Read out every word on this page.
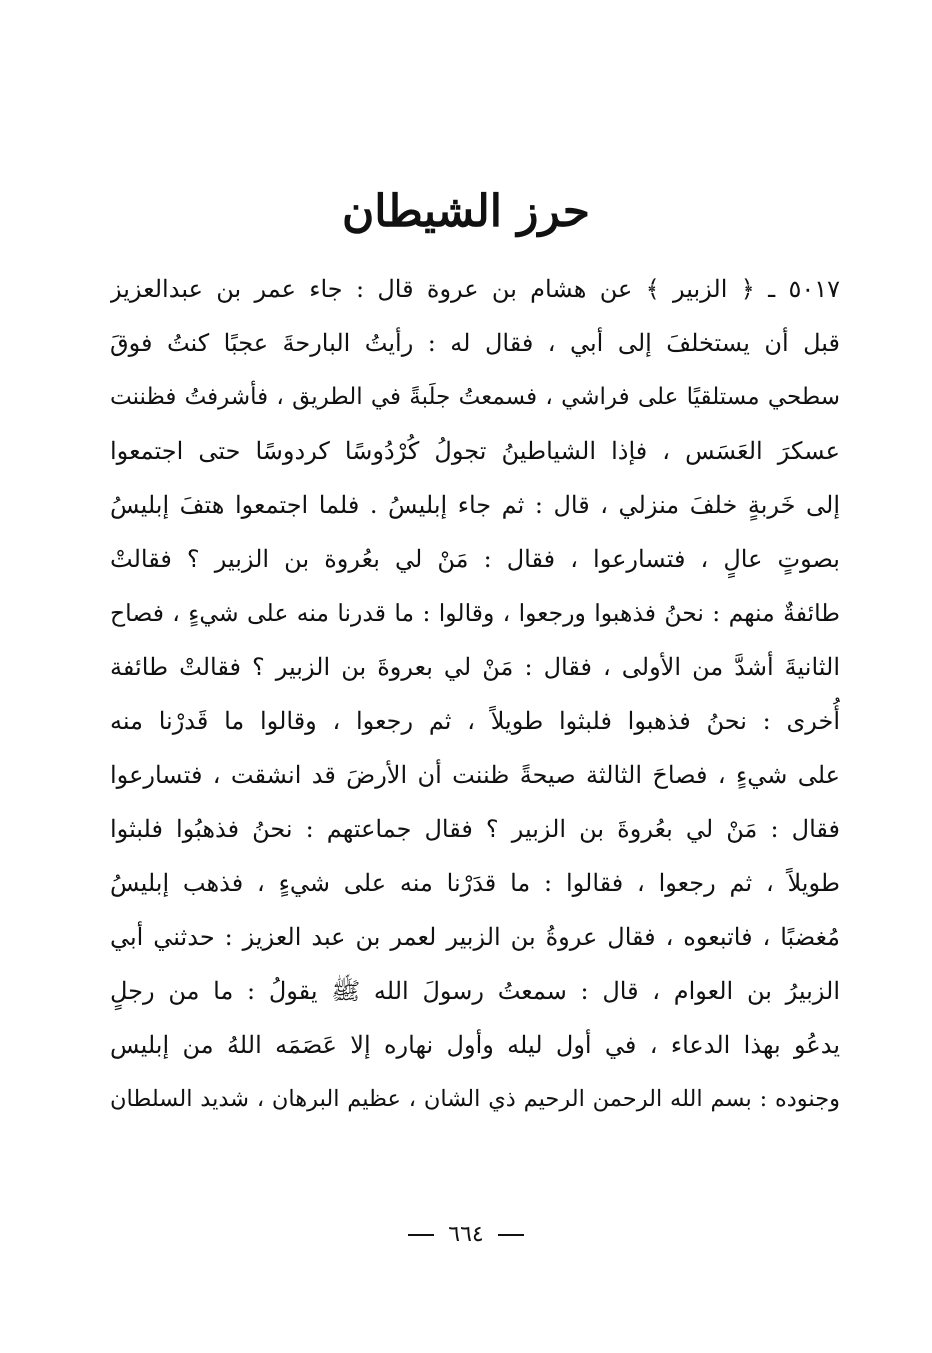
حرز الشيطان
٥٠١٧ ـ ﴿ الزبير ﴾ عن هشام بن عروة قال : جاء عمر بن عبدالعزيز
قبل أن يستخلفَ إلى أبي ، فقال له : رأيتُ البارحةَ عجبًا كنتُ فوقَ
سطحي مستلقيًا على فراشي ، فسمعتُ جلَبةً في الطريق ، فأشرفتُ فظننت
عسكرَ العَسَس ، فإذا الشياطينُ تجولُ كُرْدُوسًا كردوسًا حتى اجتمعوا
إلى خَربةٍ خلفَ منزلي ، قال : ثم جاء إبليسُ . فلما اجتمعوا هتفَ إبليسُ
بصوتٍ عالٍ ، فتسارعوا ، فقال : مَنْ لي بعُروة بن الزبير ؟ فقالتْ
طائفةٌ منهم : نحنُ فذهبوا ورجعوا ، وقالوا : ما قدرنا منه على شيءٍ ، فصاح
الثانيةَ أشدَّ من الأولى ، فقال : مَنْ لي بعروةَ بن الزبير ؟ فقالتْ طائفة
أُخرى : نحنُ فذهبوا فلبثوا طويلاً ، ثم رجعوا ، وقالوا ما قَدرْنا منه
على شيءٍ ، فصاحَ الثالثة صيحةً ظننت أن الأرضَ قد انشقت ، فتسارعوا
فقال : مَنْ لي بعُروةَ بن الزبير ؟ فقال جماعتهم : نحنُ فذهبُوا فلبثوا
طويلاً ، ثم رجعوا ، فقالوا : ما قدَرْنا منه على شيءٍ ، فذهب إبليسُ
مُغضبًا ، فاتبعوه ، فقال عروةُ بن الزبير لعمر بن عبد العزيز : حدثني أبي
الزبيرُ بن العوام ، قال : سمعتُ رسولَ الله ﷺ يقولُ : ما من رجلٍ
يدعُو بهذا الدعاء ، في أول ليله وأول نهاره إلا عَصَمَه اللهُ من إبليس
وجنوده : بسم الله الرحمن الرحيم ذي الشان ، عظيم البرهان ، شديد السلطان
٦٦٤
